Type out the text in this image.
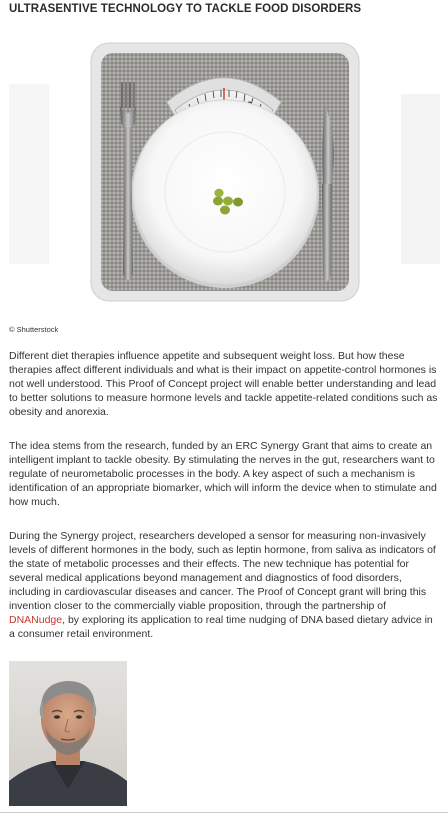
ULTRASENTIVE TECHNOLOGY TO TACKLE FOOD DISORDERS
© Shutterstock

Different diet therapies influence appetite and subsequent weight loss. But how these therapies affect different individuals and what is their impact on appetite-control hormones is not well understood. This Proof of Concept project will enable better understanding and lead to better solutions to measure hormone levels and tackle appetite-related conditions such as obesity and anorexia.

The idea stems from the research, funded by an ERC Synergy Grant that aims to create an intelligent implant to tackle obesity. By stimulating the nerves in the gut, researchers want to regulate of neurometabolic processes in the body. A key aspect of such a mechanism is identification of an appropriate biomarker, which will inform the device when to stimulate and how much.

During the Synergy project, researchers developed a sensor for measuring non-invasively levels of different hormones in the body, such as leptin hormone, from saliva as indicators of the state of metabolic processes and their effects. The new technique has potential for several medical applications beyond management and diagnostics of food disorders, including in cardiovascular diseases and cancer. The Proof of Concept grant will bring this invention closer to the commercially viable proposition, through the partnership of DNANudge, by exploring its application to real time nudging of DNA based dietary advice in a consumer retail environment.
